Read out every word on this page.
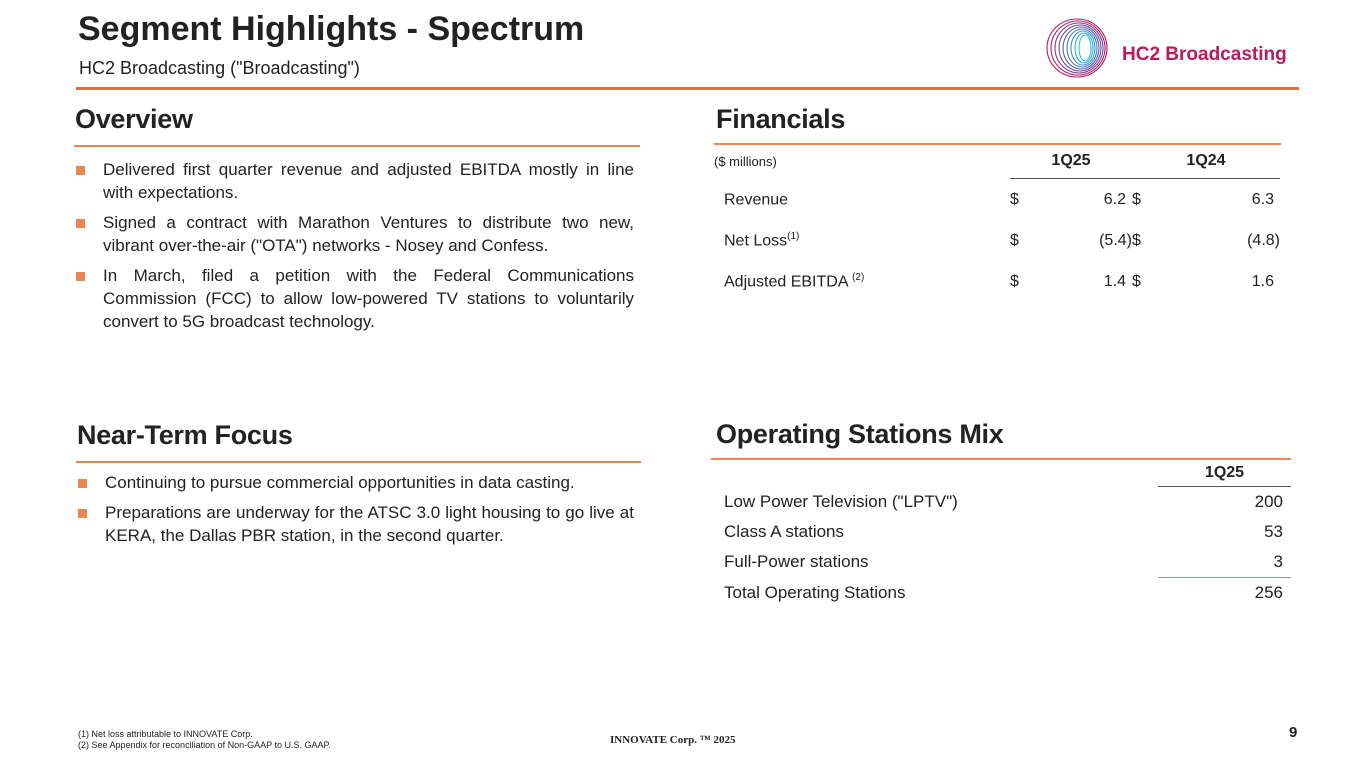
Segment Highlights - Spectrum
HC2 Broadcasting ("Broadcasting")
HC2 Broadcasting
Overview
Delivered first quarter revenue and adjusted EBITDA mostly in line with expectations.
Signed a contract with Marathon Ventures to distribute two new, vibrant over-the-air ("OTA") networks - Nosey and Confess.
In March, filed a petition with the Federal Communications Commission (FCC) to allow low-powered TV stations to voluntarily convert to 5G broadcast technology.
Financials
($ millions)	1Q25		1Q24	
Revenue	$	6.2	$	6.3
Net Loss$^{(1)}$	$	(5.4)	$	(4.8)
Adjusted EBITDA $^{(2)}$	$	1.4	$	1.6
Near-Term Focus
Continuing to pursue commercial opportunities in data casting.
Preparations are underway for the ATSC 3.0 light housing to go live at KERA, the Dallas PBR station, in the second quarter.
Operating Stations Mix
	1Q25
Low Power Television ("LPTV")	200
Class A stations	53
Full-Power stations	3
Total Operating Stations	256
(1) Net loss attributable to INNOVATE Corp.
(2) See Appendix for reconciliation of Non-GAAP to U.S. GAAP.	INNOVATE Corp. ™ 2025	9
